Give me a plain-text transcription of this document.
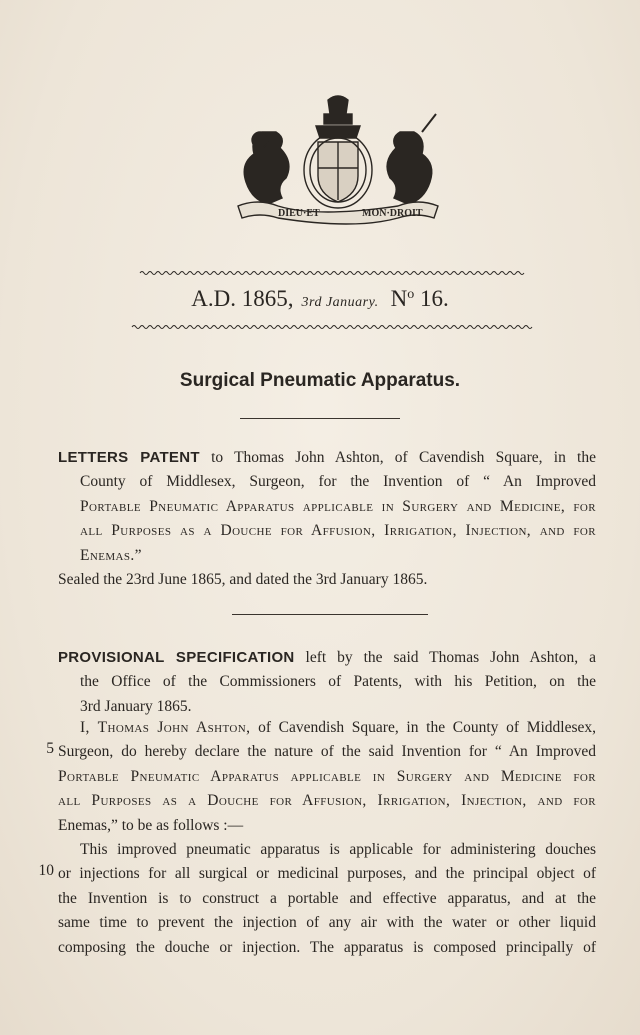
DIEU·ET	MON·DROIT
A.D. 1865, 3rd January. $N^o$ 16.
Surgical Pneumatic Apparatus.
LETTERS PATENT to Thomas John Ashton, of Cavendish Square, in the
County of Middlesex, Surgeon, for the Invention of “ An Improved
Portable Pneumatic Apparatus applicable in Surgery and Medicine, for
all Purposes as a Douche for Affusion, Irrigation, Injection, and for
Enemas.”
Sealed the 23rd June 1865, and dated the 3rd January 1865.
PROVISIONAL SPECIFICATION left by the said Thomas John Ashton, a
the Office of the Commissioners of Patents, with his Petition, on the
3rd January 1865.
I, Thomas John Ashton, of Cavendish Square, in the County of Middlesex,
Surgeon, do hereby declare the nature of the said Invention for “ An Improved
Portable Pneumatic Apparatus applicable in Surgery and Medicine for
all Purposes as a Douche for Affusion, Irrigation, Injection, and for
Enemas,” to be as follows :—
This improved pneumatic apparatus is applicable for administering douches
or injections for all surgical or medicinal purposes, and the principal object of
the Invention is to construct a portable and effective apparatus, and at the
same time to prevent the injection of any air with the water or other liquid
composing the douche or injection. The apparatus is composed principally of
5
10
